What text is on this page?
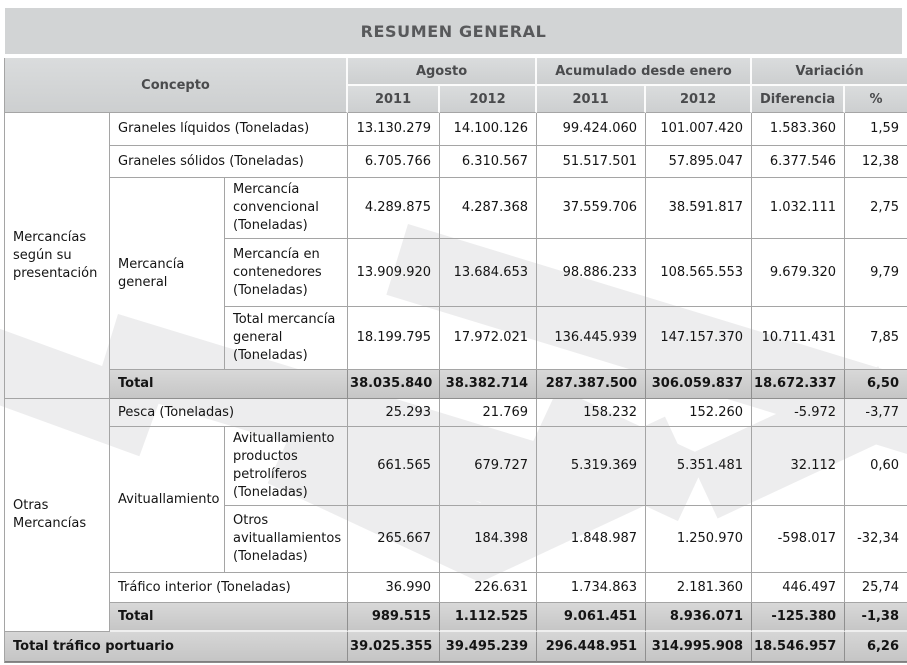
RESUMEN GENERAL
Concepto			Agosto		Acumulado desde enero		Variación	
			2011	2012	2011	2012	Diferencia	%
Mercancías según su presentación	Graneles líquidos (Toneladas)		13.130.279	14.100.126	99.424.060	101.007.420	1.583.360	1,59
	Graneles sólidos (Toneladas)		6.705.766	6.310.567	51.517.501	57.895.047	6.377.546	12,38
	Mercancía general	Mercancía convencional (Toneladas)	4.289.875	4.287.368	37.559.706	38.591.817	1.032.111	2,75
		Mercancía en contenedores (Toneladas)	13.909.920	13.684.653	98.886.233	108.565.553	9.679.320	9,79
		Total mercancía general (Toneladas)	18.199.795	17.972.021	136.445.939	147.157.370	10.711.431	7,85
	Total		38.035.840	38.382.714	287.387.500	306.059.837	18.672.337	6,50
Otras Mercancías	Pesca (Toneladas)		25.293	21.769	158.232	152.260	-5.972	-3,77
	Avituallamiento	Avituallamiento productos petrolíferos (Toneladas)	661.565	679.727	5.319.369	5.351.481	32.112	0,60
		Otros avituallamientos (Toneladas)	265.667	184.398	1.848.987	1.250.970	-598.017	-32,34
	Tráfico interior (Toneladas)		36.990	226.631	1.734.863	2.181.360	446.497	25,74
	Total		989.515	1.112.525	9.061.451	8.936.071	-125.380	-1,38
Total tráfico portuario			39.025.355	39.495.239	296.448.951	314.995.908	18.546.957	6,26
